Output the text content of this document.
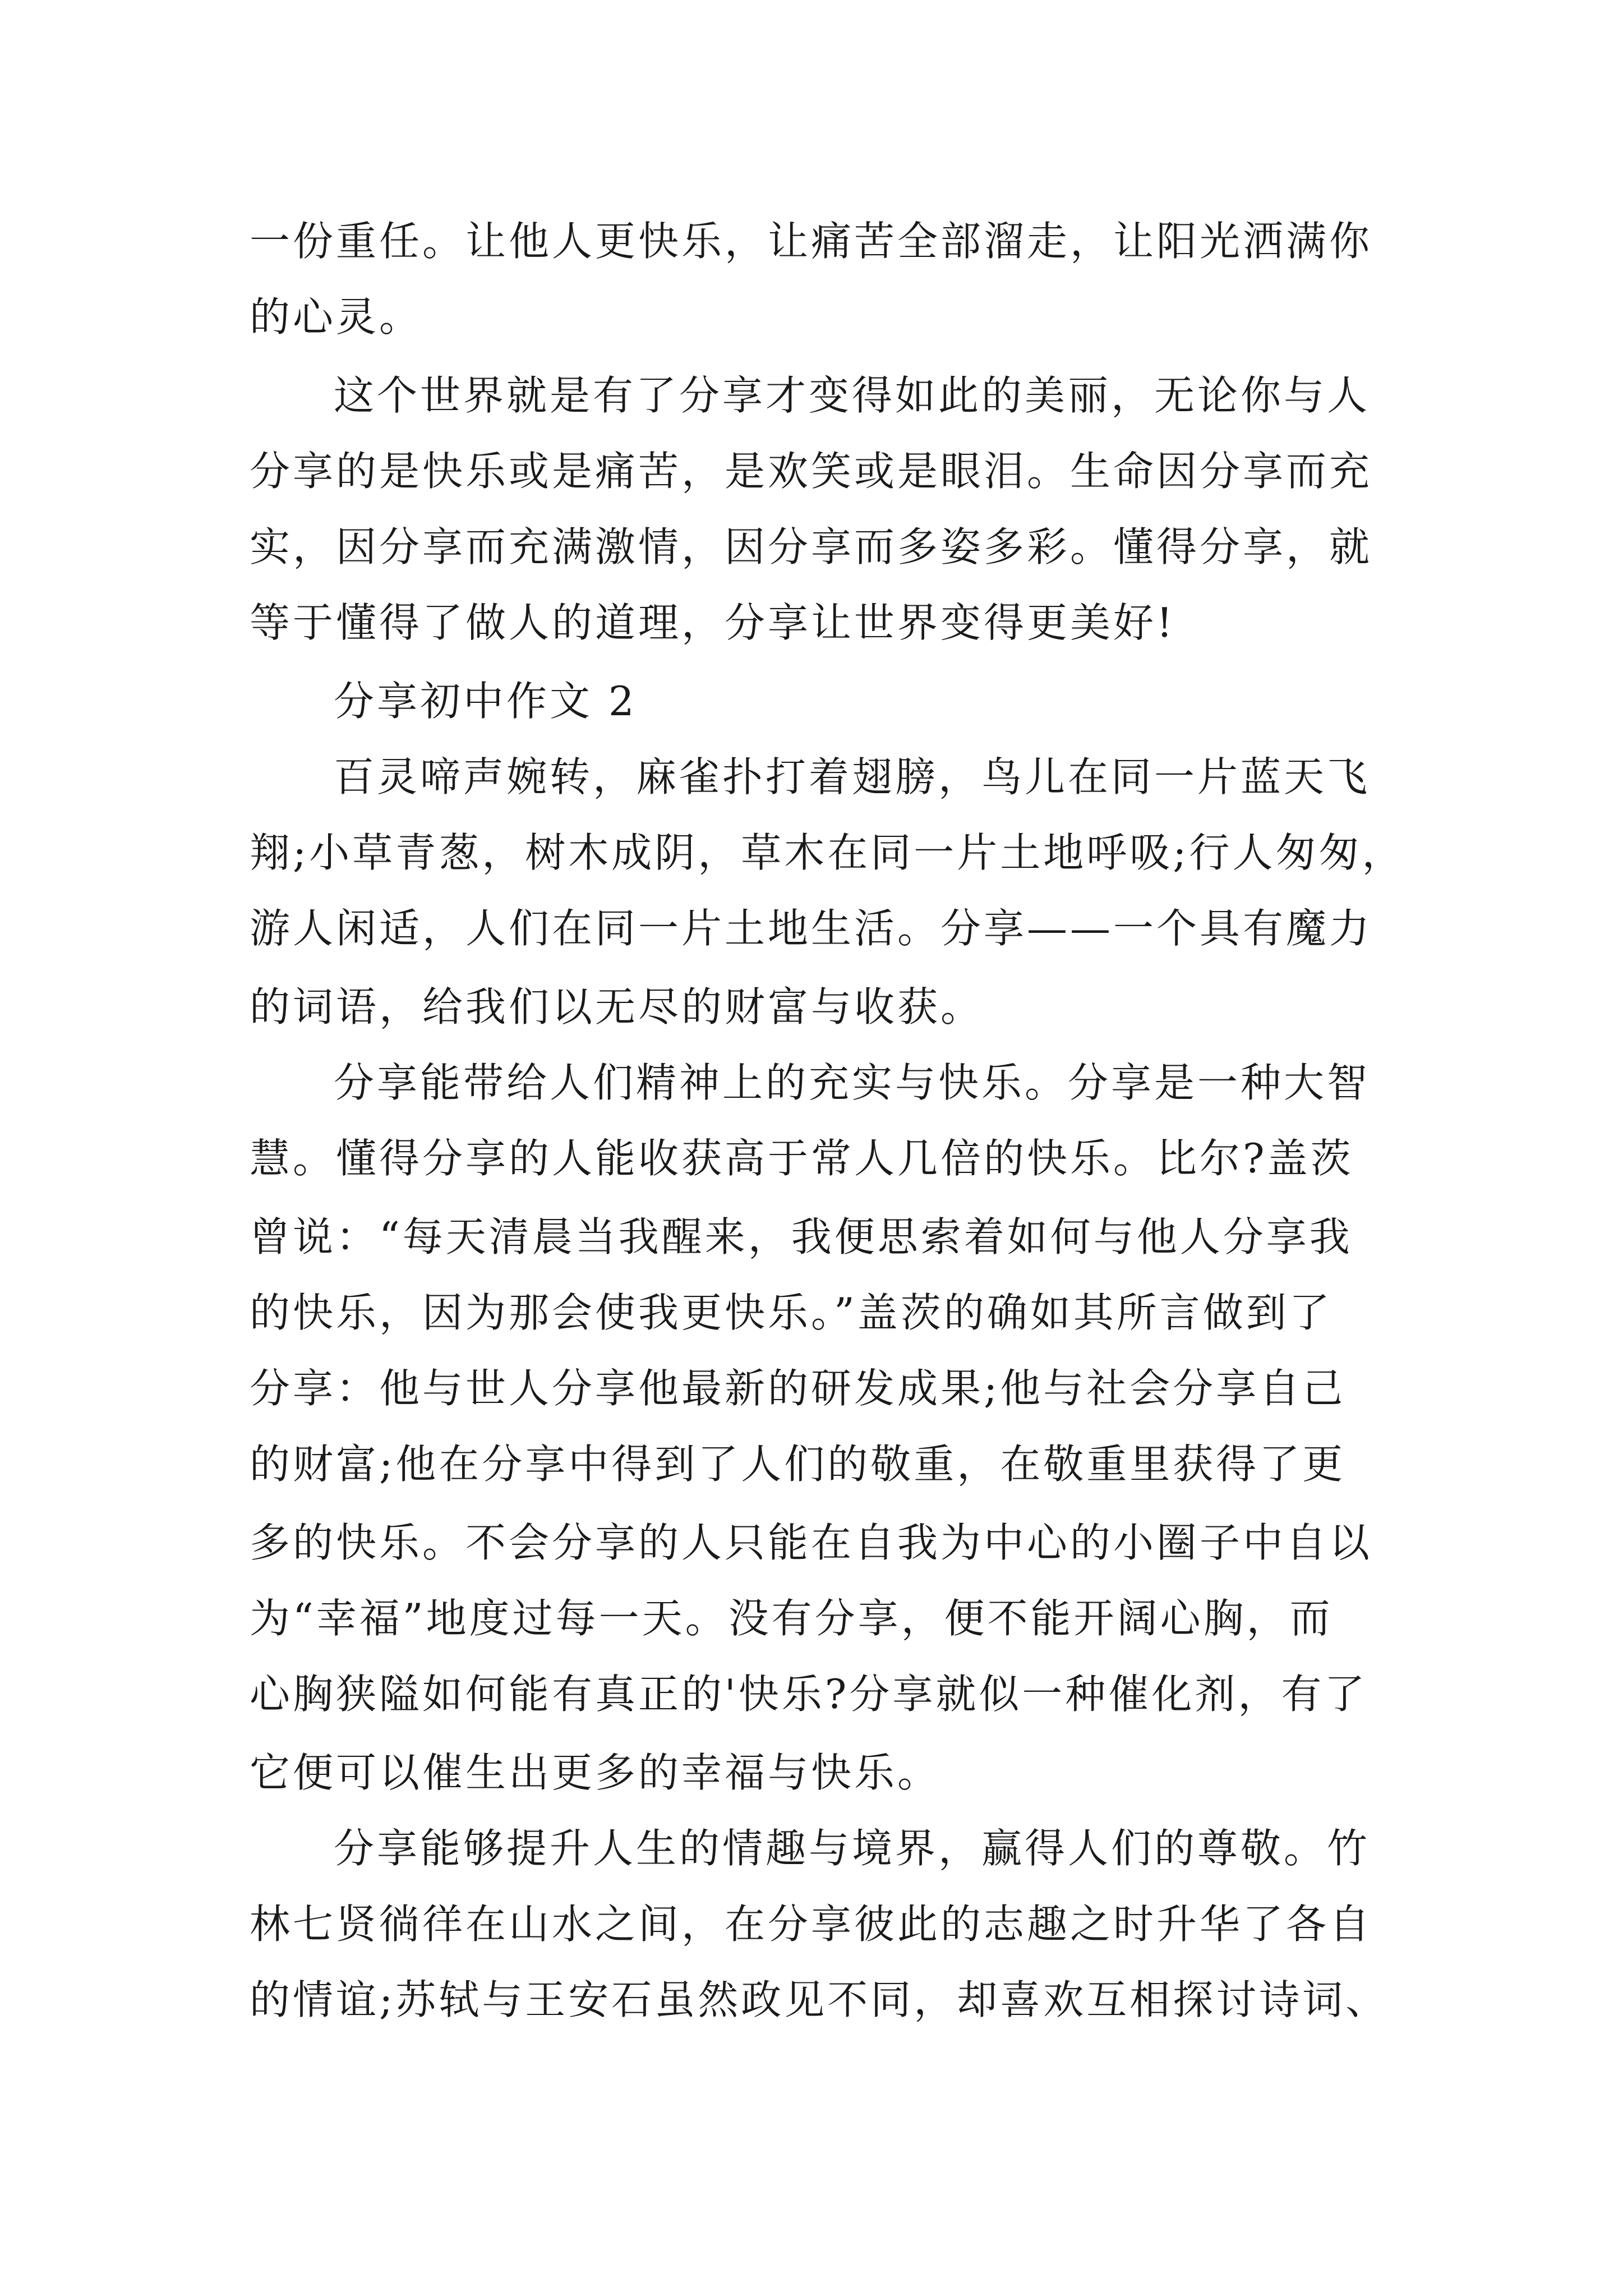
一份重任。让他人更快乐，让痛苦全部溜走，让阳光洒满你
的心灵。
这个世界就是有了分享才变得如此的美丽，无论你与人
分享的是快乐或是痛苦，是欢笑或是眼泪。生命因分享而充
实，因分享而充满激情，因分享而多姿多彩。懂得分享，就
等于懂得了做人的道理，分享让世界变得更美好!
分享初中作文 2
百灵啼声婉转，麻雀扑打着翅膀，鸟儿在同一片蓝天飞
翔;小草青葱，树木成阴，草木在同一片土地呼吸;行人匆匆，
游人闲适，人们在同一片土地生活。分享——一个具有魔力
的词语，给我们以无尽的财富与收获。
分享能带给人们精神上的充实与快乐。分享是一种大智
慧。懂得分享的人能收获高于常人几倍的快乐。比尔?盖茨
曾说：“每天清晨当我醒来，我便思索着如何与他人分享我
的快乐，因为那会使我更快乐。”盖茨的确如其所言做到了
分享：他与世人分享他最新的研发成果;他与社会分享自己
的财富;他在分享中得到了人们的敬重，在敬重里获得了更
多的快乐。不会分享的人只能在自我为中心的小圈子中自以
为“幸福”地度过每一天。没有分享，便不能开阔心胸，而
心胸狭隘如何能有真正的'快乐?分享就似一种催化剂，有了
它便可以催生出更多的幸福与快乐。
分享能够提升人生的情趣与境界，赢得人们的尊敬。竹
林七贤徜徉在山水之间，在分享彼此的志趣之时升华了各自
的情谊;苏轼与王安石虽然政见不同，却喜欢互相探讨诗词、
